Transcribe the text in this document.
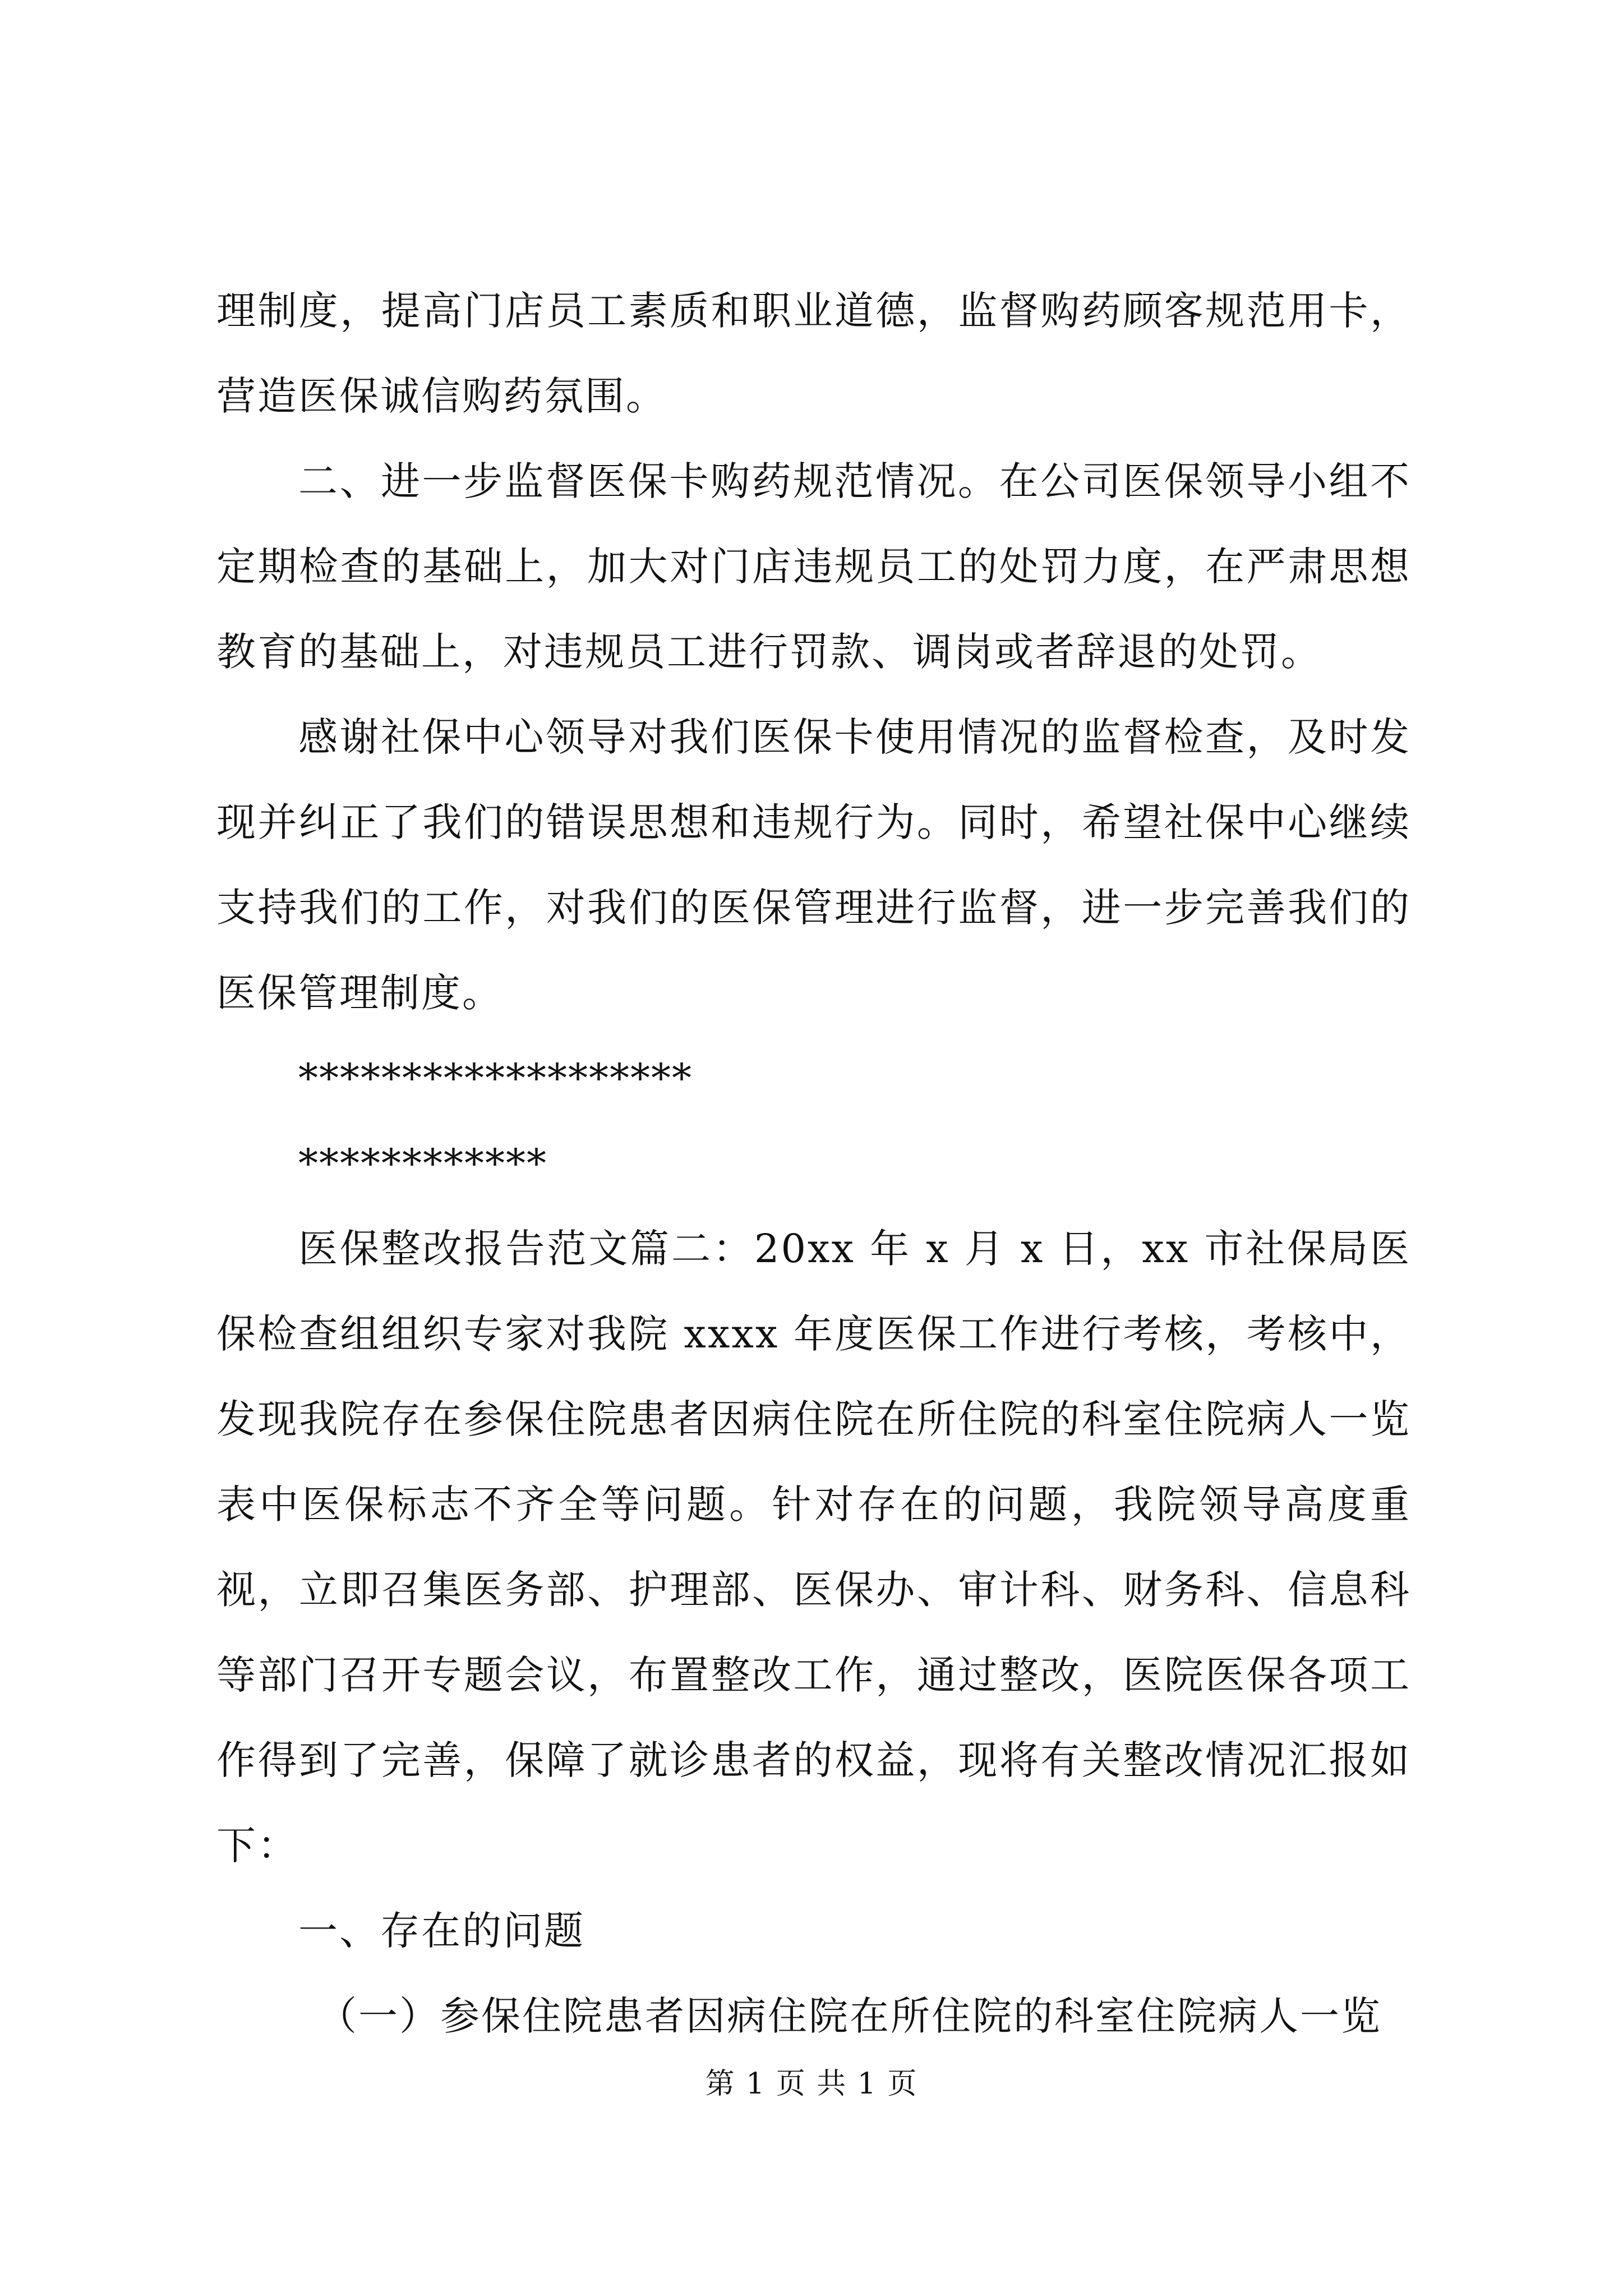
理制度，提高门店员工素质和职业道德，监督购药顾客规范用卡，营造医保诚信购药氛围。

二、进一步监督医保卡购药规范情况。在公司医保领导小组不定期检查的基础上，加大对门店违规员工的处罚力度，在严肃思想教育的基础上，对违规员工进行罚款、调岗或者辞退的处罚。

感谢社保中心领导对我们医保卡使用情况的监督检查，及时发现并纠正了我们的错误思想和违规行为。同时，希望社保中心继续支持我们的工作，对我们的医保管理进行监督，进一步完善我们的医保管理制度。

*******************

************

医保整改报告范文篇二：20xx 年 x 月 x 日，xx 市社保局医保检查组组织专家对我院 xxxx 年度医保工作进行考核，考核中，发现我院存在参保住院患者因病住院在所住院的科室住院病人一览表中医保标志不齐全等问题。针对存在的问题，我院领导高度重视，立即召集医务部、护理部、医保办、审计科、财务科、信息科等部门召开专题会议，布置整改工作，通过整改，医院医保各项工作得到了完善，保障了就诊患者的权益，现将有关整改情况汇报如下：

一、存在的问题

（一）参保住院患者因病住院在所住院的科室住院病人一览

第 1 页 共 1 页
